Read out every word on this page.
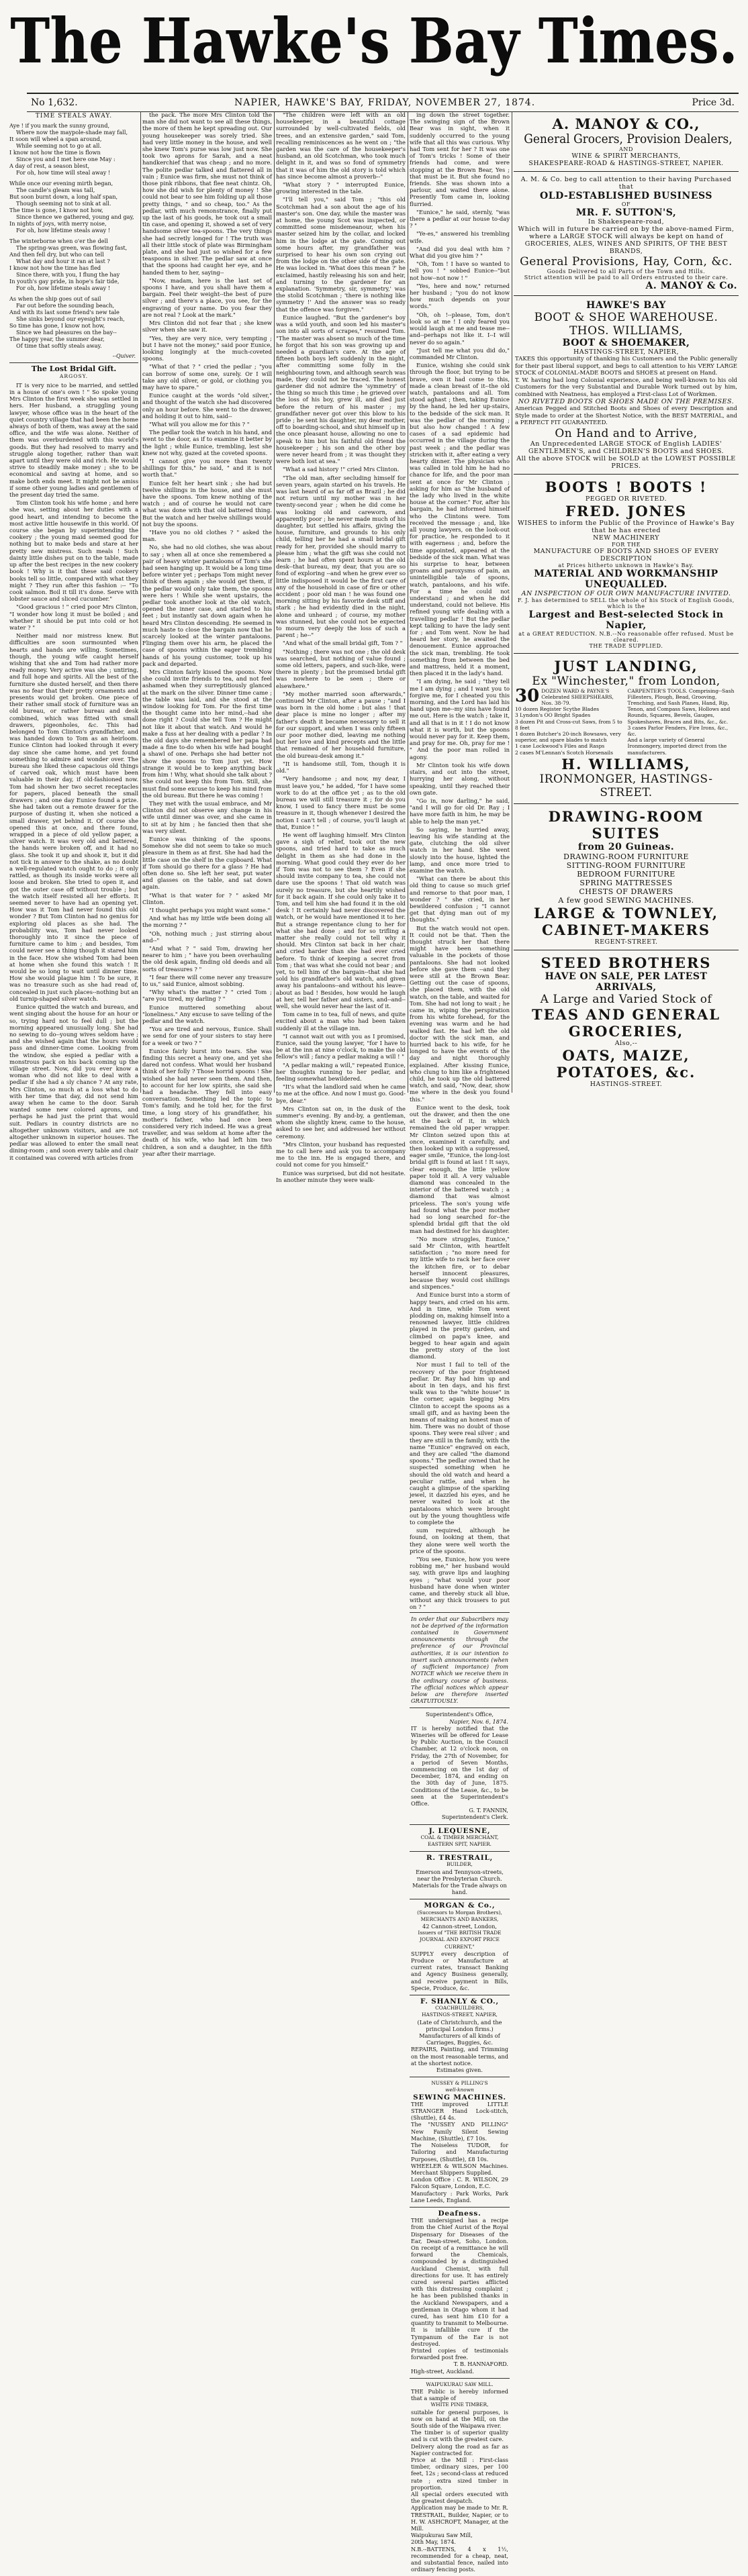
The Hawke's Bay Times.
No 1,632.	NAPIER, HAWKE'S BAY, FRIDAY, NOVEMBER 27, 1874.	Price 3d.
TIME STEALS AWAY.
Aye ! if you mark the sunny ground,
Where now the maypole-shade may fall,
It soon will wheel a span around,
While seeming not to go at all.
I know not how the time is flown
Since you and I met here one May :
A day of rest, a season blest,
For oh, how time will steal away !
While once our evening mirth began,
The candle's gleam was tall,
But soon burnt down, a long half span,
Though seeming not to sink at all.
The time is gone, I know not how,
Since thence we gathered, young and gay,
In nights of joys, with merry noise,
For oh, how lifetime steals away !
The winterborne when o'er the dell
The spring-was green, was flowing fast,
And then fell dry, but who can tell
What day and hour it ran at last ?
I know not how the time has fled
Since there, with you, I flung the hay
In youth's gay pride, in hope's fair tide,
For oh, how lifetime steals away !
As when the ship goes out of sail
Far out before the sounding beach,
And with its last some friend's new tale
She sinks beyond our eyesight's reach,
So time has gone, I know not how,
Since we had pleasures on the bay--
The happy year, the summer dear,
Of time that softly steals away.
--Quiver.
The Lost Bridal Gift.
ARGOSY.

IT is very nice to be married, and settled in a house of one's own ! " So spoke young Mrs Clinton the first week she was settled in hers. Her husband, a struggling young lawyer, whose office was in the heart of the quiet country village that had been the home always of both of them, was away at the said office, and the wife was alone. Neither of them was overburdened with this world's goods. But they had resolved to marry and struggle along together, rather than wait apart until they were old and rich. He would strive to steadily make money ; she to be economical and saving at home, and so make both ends meet. It might not be amiss if some other young ladies and gentlemen of the present day tried the same.

Tom Clinton took his wife home ; and here she was, setting about her duties with a good heart, and intending to become the most active little housewife in this world. Of course she began by superintending the cookery ; the young maid seemed good for nothing but to make beds and stare at her pretty new mistress. Such meals ! Such dainty little dishes put on to the table, made up after the best recipes in the new cookery book ! Why is it that these said cookery books tell so little, compared with what they might ? They run after this fashion :-- "To cook salmon. Boil it till it's done. Serve with lobster sauce and sliced cucumber."

"Good gracious ! " cried poor Mrs Clinton, "I wonder how long it must be boiled ; and whether it should be put into cold or hot water ? "

Neither maid nor mistress knew. But difficulties are soon surmounted when hearts and hands are willing. Sometimes, though, the young wife caught herself wishing that she and Tom had rather more ready money. Very active was she ; untiring, and full hope and spirits. All the best of the furniture she dusted herself, and then there was no fear that their pretty ornaments and presents would get broken. One piece of their rather small stock of furniture was an old bureau, or rather bureau and desk combined, which was fitted with small drawers, pigeonholes, &c. This had belonged to Tom Clinton's grandfather, and was handed down to Tom as an heirloom. Eunice Clinton had looked through it every day since she came home, and yet found something to admire and wonder over. The bureau she liked these capacious old things of carved oak, which must have been valuable in their day, if old-fashioned now. Tom had shown her two secret receptacles for papers, placed beneath the small drawers ; and one day Eunice found a prize. She had taken out a remote drawer for the purpose of dusting it, when she noticed a small drawer, yet behind it. Of course she opened this at once, and there found, wrapped in a piece of old yellow paper, a silver watch. It was very old and battered, the hands were broken off, and it had no glass. She took it up and shook it, but it did not tick in answer to the shake, as no doubt a well-regulated watch ought to do ; it only rattled, as though its inside works were all loose and broken. She tried to open it, and got the outer case off without trouble ; but the watch itself resisted all her efforts. It seemed never to have had an opening yet. How was it Tom had never found this old wonder ? But Tom Clinton had no genius for exploring old places as she had. The probability was, Tom had never looked thoroughly into it since the piece of furniture came to him ; and besides, Tom could never see a thing though it stared him in the face. How she wished Tom had been at home when she found this watch ! It would be so long to wait until dinner time. How she would plague him ! To be sure, it was no treasure such as she had read of, concealed in just such places--nothing but an old turnip-shaped silver watch.

Eunice quitted the watch and bureau, and went singing about the house for an hour or so, trying hard not to feel dull ; but the morning appeared unusually long. She had no sewing to do--young wives seldom have ; and she wished again that the hours would pass and dinner-time come. Looking from the window, she espied a pedlar with a monstrous pack on his back coming up the village street. Now, did you ever know a woman who did not like to deal with a pedlar if she had a sly chance ? At any rate, Mrs Clinton, so much at a loss what to do with her time that day, did not send him away when he came to the door. Sarah wanted some new colored aprons, and perhaps he had just the print that would suit. Pedlars in country districts are no altogether unknown visitors, and are not altogether unknown in superior houses. The pedlar was allowed to enter the small neat dining-room ; and soon every table and chair it contained was covered with articles from

the pack. The more Mrs Clinton told the man she did not want to see all these things, the more of them he kept spreading out. Our young housekeeper was sorely tried. She had very little money in the house, and well she knew Tom's purse was low just now. She took two aprons for Sarah, and a neat handkerchief that was cheap ; and no more. The polite pedlar talked and flattered all in vain ; Eunice was firm, she must not think of those pink ribbons, that flee neat chintz. Oh, how she did wish for plenty of money ! She could not bear to see him folding up all those pretty things, " and so cheap, too." As the pedlar, with much remonstrance, finally put up the last of his goods, he took out a small tin case, and opening it, showed a set of very handsome silver tea-spoons. The very things she had secretly longed for ! The truth was all their little stock of plate was Birmingham plate, and she had just so wished for a few teaspoons in silver. The pedlar saw at once that the spoons had caught her eye, and he handed them to her, saying--

"Now, madam, here is the last set of spoons I have, and you shall have them a bargain. Feel their weight--the best of pure silver ; and there's a place, you see, for the engraving of your name. Do you fear they are not real ? Look at the mark."

Mrs Clinton did not fear that ; she knew silver when she saw it.

"Yes, they are very nice, very tempting ; but I have not the money," said poor Eunice, looking longingly at the much-coveted spoons.

"What of that ? " cried the pedlar ; "you can borrow of some one, surely. Or I will take any old silver, or gold, or clothing you may have to spare."

Eunice caught at the words "old silver," and thought of the watch she had discovered only an hour before. She went to the drawer, and holding it out to him, said--

"What will you allow me for this ? "

The pedlar took the watch in his hand, and went to the door, as if to examine it better by the light ; while Eunice, trembling, lest she knew not why, gazed at the coveted spoons.

"I cannot give you more than twenty shillings for this," he said, " and it is not worth that."

Eunice felt her heart sink ; she had but twelve shillings in the house, and she must have the spoons. Tom knew nothing of the watch ; and of course he would not care what was done with that old battered thing. But the watch and her twelve shillings would not buy the spoons.

"Have you no old clothes ? " asked the man.

No, she had no old clothes, she was about to say ; when all at once she remembered a pair of heavy winter pantaloons of Tom's she had seen hanging up. It would be a long time before winter yet ; perhaps Tom might never think of them again ; she would get them, if the pedlar would only take them, the spoons were hers ! While she went upstairs, the pedlar took another look at the old watch, opened the inner case, and started to his feet ; but instantly sat down again when he heard Mrs Clinton descending. He seemed in much haste to close the bargain now that he scarcely looked at the winter pantaloons. Flinging them over his arm, he placed the case of spoons within the eager trembling hands of his young customer, took up his pack and departed.

Mrs Clinton fairly kissed the spoons. Now she could invite friends to tea, and not feel ashamed when they surreptitiously glanced at the mark on the silver. Dinner time came ; the table was laid, and she stood at the window looking for Tom. For the first time the thought came into her mind,--had she done right ? Could she tell Tom ? He might not like it about that watch. And would he make a fuss at her dealing with a pedlar ? In the old days she remembered her papa had made a fine to-do when his wife had bought a shawl of one. Perhaps she had better not show the spoons to Tom just yet. How strange it would be to keep anything back from him ! Why, what should she talk about ? She could not keep this from Tom. Still, she must find some excuse to keep his mind from the old bureau. But there he was coming !

They met with the usual embrace, and Mr Clinton did not observe any change in his wife until dinner was over, and she came in to sit at by him ; he fancied then that she was very silent.

Eunice was thinking of the spoons. Somehow she did not seem to take so much pleasure in them as at first. She had had the little case on the shelf in the cupboard. What if Tom should go there for a glass ? He had often done so. She left her seat, put water and glasses on the table, and sat down again.

"What is that water for ? " asked Mr Clinton.

"I thought perhaps you might want some."

And what has my little wife been doing all the morning ? "

"Oh, nothing much ; just stirring about and--"

"And what ? " said Tom, drawing her nearer to him ; " have you been overhauling the old desk again, finding old deeds and all sorts of treasures ? "

"I fear there will come never any treasure to us," said Eunice, almost sobbing.

"Why what's the matter ? " cried Tom ; "are you tired, my darling ? "

Eunice muttered something about "loneliness." Any excuse to save telling of the pedlar and the watch.

"You are tired and nervous, Eunice. Shall we send for one of your sisters to stay here for a week or two ? "

Eunice fairly burst into tears. She was finding this secret a heavy one, and yet she dared not confess. What would her husband think of her folly ? Those horrid spoons ! She wished she had never seen them. And then, to account for her low spirits, she said she had a headache. They fell into easy conversation. Something led the topic to Tom's family, and he told her, for the first time, a long story of his grandfather, his mother's father, who had once been considered very rich indeed. He was a great traveller, and was seldom at home after the death of his wife, who had left him two children, a son and a daughter, in the fifth year after their marriage.

"The children were left with an old housekeeper, in a beautiful cottage surrounded by well-cultivated fields, old trees, and an extensive garden," said Tom, recalling reminiscences as he went on ; "the garden was the care of the housekeeper's husband, an old Scotchman, who took much delight in it, and was so fond of symmetry that it was of him the old story is told which has since become almost a proverb--"

"What story ? " interrupted Eunice, growing interested in the tale.

"I'll tell you," said Tom ; "this old Scotchman had a son about the age of his master's son. One day, while the master was at home, the young Scot was inspected, or committed some misdemeanour, when his master seized him by the collar, and locked him in the lodge at the gate. Coming out some hours after, my grandfather was surprised to hear his own son crying out from the lodge on the other side of the gate. He was locked in. 'What does this mean ?' he exclaimed, hastily releasing his son and heir, and turning to the gardener for an explanation. 'Symmetry, sir, symmetry,' was the stolid Scotchman ; 'there is nothing like symmetry !' And the answer was so ready that the offence was forgiven."

Eunice laughed. "But the gardener's boy was a wild youth, and soon led his master's son into all sorts of scrapes," resumed Tom. "The master was absent so much of the time he forgot that his son was growing up and needed a guardian's care. At the age of fifteen both boys left suddenly in the night, after committing some folly in the neighbouring town, and although search was made, they could not be traced. The honest gardener did not admire the 'symmetry' of the thing so much this time ; he grieved over the loss of his boy, grew ill, and died just before the return of his master ; my grandfather never got over this blow to his pride ; he sent his daughter, my dear mother, off to boarding-school, and shut himself up in the once pleasant house, allowing no one to speak to him but his faithful old friend the housekeeper ; his son and the other boy were never heard from ; it was thought they were both lost at sea."

"What a sad history !" cried Mrs Clinton.

"The old man, after secluding himself for seven years, again started on his travels. He was last heard of as far off as Brazil ; he did not return until my mother was in her twenty-second year ; when he did come he was looking old and careworn, and apparently poor ; he never made much of his daughter, but settled his affairs, giving the house, furniture, and grounds to his only child, telling her he had a small bridal gift ready for her, provided she should marry to please him ; what the gift was she could not learn ; he had often spent hours at the old desk--that bureau, my dear, that you are so fond of exploring --and when he grew ever so little indisposed it would be the first care of any of the household in case of fire or other accident ; poor old man ! he was found one morning sitting by his favorite desk stiff and stark ; he had evidently died in the night, alone and unheard ; of course, my mother was stunned, but she could not be expected to mourn very deeply the loss of such a parent ; he--"

"And what of the small bridal gift, Tom ? "

"Nothing ; there was not one ; the old desk was searched, but nothing of value found ; some old letters, papers, and such-like, were there in plenty ; but the promised bridal gift was nowhere to be seen ; there or elsewhere."

"My mother married soon afterwards," continued Mr Clinton, after a pause ; "and I was born in the old home : but alas ! that dear place is mine no longer ; after my father's death it became necessary to sell it for our support, and when I was only fifteen our poor mother died, leaving me nothing but her love and kind precepts and the little that remained of her household furniture, the old bureau-desk among it."

"It is handsome still, Tom, though it is old."

"Very handsome ; and now, my dear, I must leave you," he added, "for I have some work to do at the office yet ; as to the old bureau we will still treasure it ; for do you know, I used to fancy there must be some treasure in it, though whenever I desired the notion I can't tell ; of course, you'll laugh at that, Eunice ! "

He went off laughing himself. Mrs Clinton gave a sigh of relief, took out the new spoons, and tried hard to take as much delight in them as she had done in the morning. What good could they ever do her if Tom was not to see them ? Even if she should invite company to tea, she could not dare use the spoons ! That old watch was surely no treasure, but she heartily wished for it back again. If she could only take it to Tom, and tell him she had found it in the old desk ! It certainly had never discovered the watch, or he would have mentioned it to her. But a strange repentance clung to her for what she had done ; and for so trifling a matter she really could not tell why it should. Mrs Clinton sat back in her chair, and cried harder than she had ever cried before. To think of keeping a secret from Tom ; that was what she could not bear ; and yet, to tell him of the bargain--that she had sold his grandfather's old watch, and given away his pantaloons--and without his leave--about as bad ! Besides, how would he laugh at her, tell her father and sisters, and--and--well, she would never hear the last of it.

Tom came in to tea, full of news, and quite excited about a man who had been taken suddenly ill at the village inn.

"I cannot wait out with you as I promised, Eunice, said the young lawyer, "for I have to be at the inn at nine o'clock, to make the old fellow's will ; fancy a pedlar making a will ! "

"A pedlar making a will," repeated Eunice, her thoughts running to her pedlar, and feeling somewhat bewildered.

"It's what the landlord said when he came to me at the office. And now I must go. Good-bye, dear."

Mrs Clinton sat on, in the dusk of the summer's evening. By and-by, a gentleman, whom she slightly knew, came to the house, asked to see her, and addressed her without ceremony.

"Mrs Clinton, your husband has requested me to call here and ask you to accompany me to the inn. He is engaged there, and could not come for you himself."

Eunice was surprised, but did not hesitate. In another minute they were walk-

ing down the street together. The swinging sign of the Brown Bear was in sight, when it suddenly occurred to the young wife that all this was curious. Why had Tom sent for her ? It was one of Tom's tricks ! Some of their friends had come, and were stopping at the Brown Bear, Yes ; that must be it. But she found no friends. She was shown into a parlour, and waited there alone. Presently Tom came in, looking flurried.

"Eunice," he said, sternly, "was there a pedlar at our house to-day ? "

"Ye-es," answered his trembling wife.

"And did you deal with him ? What did you give him ? "

"Oh, Tom ! I have so wanted to tell you ! " sobbed Eunice--"but not how--not now ! "

"Yes, here and now," returned her husband ; "you do not know how much depends on your words."

"Oh, oh !--please, Tom, don't look so at me ! I only feared you would laugh at me and tease me--and--perhaps not like it. I--I will never do so again."

"Just tell me what you did do," commanded Mr Clinton.

Eunice, wishing she could sink through the floor, but trying to be brave, own it had come to this, made a clean breast of it--the old watch, pantaloons and all. Tom stood aghast ; then, taking Eunice by the hand, he led her up-stairs, to the bedside of the sick man. It was the pedlar of the morning ; but also how changed ! A few cases of a sad epidemic had occurred in the village during the past week ; and the pedlar was stricken with it, after eating a very hearty dinner. The physician who was called in told him he had no chance for life, and the poor man sent at once for Mr Clinton ; asking for him as "the husband of the lady who lived in the white house at the corner." For, after his bargain, he had informed himself who the Clintons were. Tom received the message ; and, like all young lawyers, on the look-out for practice, he responded to it with eagerness ; and, before the time appointed, appeared at the bedside of the sick man. What was his surprise to hear, between groans and paroxysms of pain, an unintelligible tale of spoons, watch, pantaloons, and his wife. For a time he could not understand ; and when he did understand, could not believe. His refined young wife dealing with a travelling pedlar ! But the pedlar kept talking to have the lady sent for ; and Tom went. Now he had heard her story, he awaited the denouement. Eunice approached the sick man, trembling. He took something from between the bed and mattress, held it a moment, then placed it in the lady's hand.

"I am dying, he said ; "they tell me I am dying ; and I want you to forgive me, for I cheated you this morning, and the Lord has laid his hand upon me--my sins have found me out. Here is the watch ; take it, and all that is in it ! I do not know what it is worth, but the spoons would never pay for it. Keep them, and pray for me. Oh, pray for me ! " And the poor man rolled in agony.

Mr Clinton took his wife down stairs, and out into the street, hurrying her along, without speaking, until they reached their own gate.

"Go in, now darling," he said, "and I will go for old Dr. Ray ; I have more faith in him, he may be able to help the man yet."

So saying, he hurried away, leaving his wife standing at the gate, clutching the old silver watch in her hand. She went slowly into the house, lighted the lamp, and once more tried to examine the watch.

"What can there be about this old thing to cause so much grief and remorse to that poor man, I wonder ? " she cried, in her bewildered confusion ; "I cannot get that dying man out of my thoughts."

But the watch would not open. It could not be that. Then the thought struck her that there might have been something valuable in the pockets of those pantaloons. She had not looked before she gave them --and they were still at the Brown Bear. Getting out the case of spoons, she placed them, with the old watch, on the table, and waited for Tom. She had not long to wait ; he came in, wiping the perspiration from his white forehead, for the evening was warm and he had walked fast. He had left the old doctor with the sick man, and hurried back to his wife, for he longed to have the events of the day and night thoroughly explained. After kissing Eunice, who clung to him like a frightened child, he took up the old battered watch, and said, "Now, dear, show me where in the desk you found this."

Eunice went to the desk, took out the drawer, and then the one at the back of it, in which remained the old paper wrapper. Mr Clinton seized upon this at once, examined it carefully, and then looked up with a suppressed, eager smile, "Eunice, the long-lost bridal gift is found at last ! It says, clear enough, the little yellow paper told it all. A very valuable diamond was concealed in the interior of the battered watch ; a diamond that was almost priceless. The son's young wife had found what the poor mother had so long searched for--the splendid bridal gift that the old man had destined for his daughter.

"No more struggles, Eunice," said Mr Clinton, with heartfelt satisfaction ; "no more need for my little wife to rack her face over the kitchen fire, or to debar herself innocent pleasures, because they would cost shillings and sixpences."

And Eunice burst into a storm of happy tears, and cried on his arm. And in time, while Tom went plodding on, making himself into a renowned lawyer, little children played in the pretty garden, and climbed on papa's knee, and begged to hear again and again the pretty story of the lost diamond.

Nor must I fail to tell of the recovery of the poor frightened pedlar. Dr. Ray had him up and about in ten days, and his first walk was to the "white house" in the corner, again begging Mrs Clinton to accept the spoons as a small gift, and as having been the means of making an honest man of him. There was no doubt of those spoons. They were real silver ; and they are still in the family, with the name "Eunice" engraved on each, and they are called "the diamond spoons." The pedlar owned that he suspected something when he should the old watch and heard a peculiar rattle, and when he caught a glimpse of the sparkling jewel, it dazzled his eyes, and he never waited to look at the pantaloons which were brought out by the young thoughtless wife to complete the

sum required, although he found, on looking at them, that they alone were well worth the price of the spoons.

"You see, Eunice, how you were robbing me," her husband would say, with grave lips and laughing eyes ; "what would your poor husband have done when winter came, and thereby stuck all blue, without any thick trousers to put on ? "

In order that our Subscribers may not be deprived of the information contained in Government announcements through the preference of our Provincial authorities, it is our intention to insert such announcements (when of sufficient importance) from NOTICE which we receive them in the ordinary course of business. The official notices which appear below are therefore inserted GRATUITOUSLY.
Superintendent's Office,
Napier, Nov. 6, 1874.
IT is hereby notified that the Wineries will be offered for Lease by Public Auction, in the Council Chamber, at 12 o'clock noon, on Friday, the 27th of November, for a period of Seven Months, commencing on the 1st day of December, 1874, and ending on the 30th day of June, 1875. Conditions of the Lease, &c., to be seen at the Superintendent's Office.
G. T. FANNIN,
Superintendent's Clerk.
J. LEQUESNE,
COAL & TIMBER MERCHANT,
EASTERN SPIT, NAPIER.
R. TRESTRAIL,
BUILDER,
Emerson and Tennyson-streets, near the Presbyterian Church.
Materials for the Trade always on hand.
MORGAN & Co.,
(Successors to Morgan Brothers),
MERCHANTS AND BANKERS,
42 Cannon-street, London,
Issuers of "THE BRITISH TRADE JOURNAL AND EXPORT PRICE CURRENT,"
SUPPLY every description of Produce or Manufacture at current rates, transact Banking and Agency Business generally, and receive payment in Bills, Specie, Produce, &c.
F. SHANLY & CO.,
COACHBUILDERS,
HASTINGS-STREET, NAPIER,
(Late of Christchurch, and the principal London firms.)
Manufacturers of all kinds of Carriages, Buggies, &c.
REPAIRS, Painting, and Trimming on the most reasonable terms, and at the shortest notice.
Estimates given.
NUSSEY & PILLING'S
well-known
SEWING MACHINES.
THE improved LITTLE STRANGER Hand Lock-stitch, (Shuttle), £4 4s.
The "NUSSEY AND PILLING" New Family Silent Sewing Machine, (Shuttle), £7 10s.
The Noiseless TUDOR, for Tailoring and Manufacturing Purposes, (Shuttle), £8 10s.
WHEELER & WILSON Machines. Merchant Shippers Supplied.
London Office : C. R. WILSON, 29 Falcon Square, London, E.C.
Manufactory : Park Works, Park Lane Leeds, England.
Deafness.
THE undersigned has a recipe from the Chief Aurist of the Royal Dispensary for Diseases of the Ear, Dean-street, Soho, London. On receipt of a remittance he will forward the Chemicals, compounded by a distinguished Auckland Chemist, with full directions for use. It has entirely cured several parties afflicted with this distressing complaint ; he has been published thanks in the Auckland Newspapers, and a gentleman in Otago whom it had cured, has sent him £10 for a quantity to transmit to Melbourne. It is infallible cure if the Tympanum of the Ear is not destroyed.
Printed copies of testimonials forwarded post free.
T. B. HANNAFORD.
High-street, Auckland.
WAIPUKURAU SAW MILL.
THE Public is hereby informed that a sample of
WHITE PINE TIMBER,
suitable for general purposes, is now on hand at the Mill, on the South side of the Waipawa river.
The timber is of superior quality and is cut with the greatest care.
Delivery along the road as far as Napier contracted for.
Price at the Mill : First-class timber, ordinary sizes, per 100 feet, 12s ; second-class at reduced rate ; extra sized timber in proportion.
All special orders executed with the greatest despatch.
Application may be made to Mr. R. TRESTRAIL, Builder, Napier, or to H. W. ASHCROFT, Manager, at the Mill.
Waipukurau Saw Mill,
20th May, 1874.
N.B.--BATTENS, 4 x 1½, recommended for a cheap, neat, and substantial fence, nailed into ordinary fencing posts.
A. MANOY & CO.,
General Grocers, Provision Dealers,
AND
WINE & SPIRIT MERCHANTS,
SHAKESPEARE-ROAD & HASTINGS-STREET, NAPIER.
A. M. & Co. beg to call attention to their having Purchased that
OLD-ESTABLISHED BUSINESS
OF
MR. F. SUTTON'S,
In Shakespeare-road,
Which will in future be carried on by the above-named Firm, where a LARGE STOCK will always be kept on hand of
GROCERIES, ALES, WINES AND SPIRITS, OF THE BEST BRANDS,
General Provisions, Hay, Corn, &c.
Goods Delivered to all Parts of the Town and Hills.
Strict attention will be paid to all Orders entrusted to their care.
A. MANOY & Co.
HAWKE'S BAY
BOOT & SHOE WAREHOUSE.
THOS. WILLIAMS,
BOOT & SHOEMAKER,
HASTINGS-STREET, NAPIER,
TAKES this opportunity of thanking his Customers and the Public generally for their past liberal support, and begs to call attention to his VERY LARGE STOCK of COLONIAL-MADE BOOTS and SHOES at present on Hand.
T. W. having had long Colonial experience, and being well-known to his old Customers for the very Substantial and Durable Work turned out by him, combined with Neatness, has employed a First-class Lot of Workmen.
NO RIVETED BOOTS OR SHOES MADE ON THE PREMISES.
American Pegged and Stitched Boots and Shoes of every Description and Style made to order at the Shortest Notice, with the BEST MATERIAL, and a PERFECT FIT GUARANTEED.
On Hand and to Arrive,
An Unprecedented LARGE STOCK of English LADIES' GENTLEMEN'S, and CHILDREN'S BOOTS and SHOES.
All the above STOCK will be SOLD at the LOWEST POSSIBLE PRICES.
BOOTS ! BOOTS !
PEGGED OR RIVETED.
FRED. JONES
WISHES to inform the Public of the Province of Hawke's Bay that he has erected
NEW MACHINERY
FOR THE
MANUFACTURE OF BOOTS AND SHOES OF EVERY DESCRIPTION
at Prices hitherto unknown in Hawke's Bay.
MATERIAL AND WORKMANSHIP UNEQUALLED.
AN INSPECTION OF OUR OWN MANUFACTURE INVITED.
F. J. has determined to SELL the whole of his Stock of English Goods, which is the
Largest and Best-selected Stock in Napier,
at a GREAT REDUCTION. N.B.--No reasonable offer refused. Must be cleared.
THE TRADE SUPPLIED.
JUST LANDING,
Ex "Winchester," from London,
30 DOZEN WARD & PAYNE'S Celebrated SHEEPSHEARS, Nos. 38-79.
10 dozen Register Scythe Blades
3 Lyndon's OO Bright Spades
3 dozen Pit and Cross-cut Saws, from 5 to 8 feet
1 dozen Butcher's 20-inch Bowsaws, very superior, and spare blades to match
1 case Lockwood's Files and Rasps
2 cases M'Lennan's Scotch Horsenails
CARPENTER'S TOOLS. Comprising--Sash Fillesters, Plough, Bead, Grooving, Trenching, and Sash Planes, Hand, Rip, Tenon, and Compass Saws, Hollows and Rounds, Squares, Bevels, Gauges, Spokeshaves, Braces and Bits, &c., &c.
3 cases Parlor Fenders, Fire Irons, &c., &c.
And a large variety of General Ironmongery, imported direct from the manufacturers.
H. WILLIAMS,
IRONMONGER, HASTINGS-STREET.
DRAWING-ROOM SUITES
from 20 Guineas.
DRAWING-ROOM FURNITURE
SITTING-ROOM FURNITURE
BEDROOM FURNITURE
SPRING MATTRESSES
CHESTS OF DRAWERS
A few good SEWING MACHINES.
LARGE & TOWNLEY,
CABINET-MAKERS
REGENT-STREET.
STEED BROTHERS
HAVE ON SALE, PER LATEST ARRIVALS,
A Large and Varied Stock of
TEAS AND GENERAL GROCERIES,
Also,--
OATS, MAIZE, POTATOES, &c.
HASTINGS-STREET.
